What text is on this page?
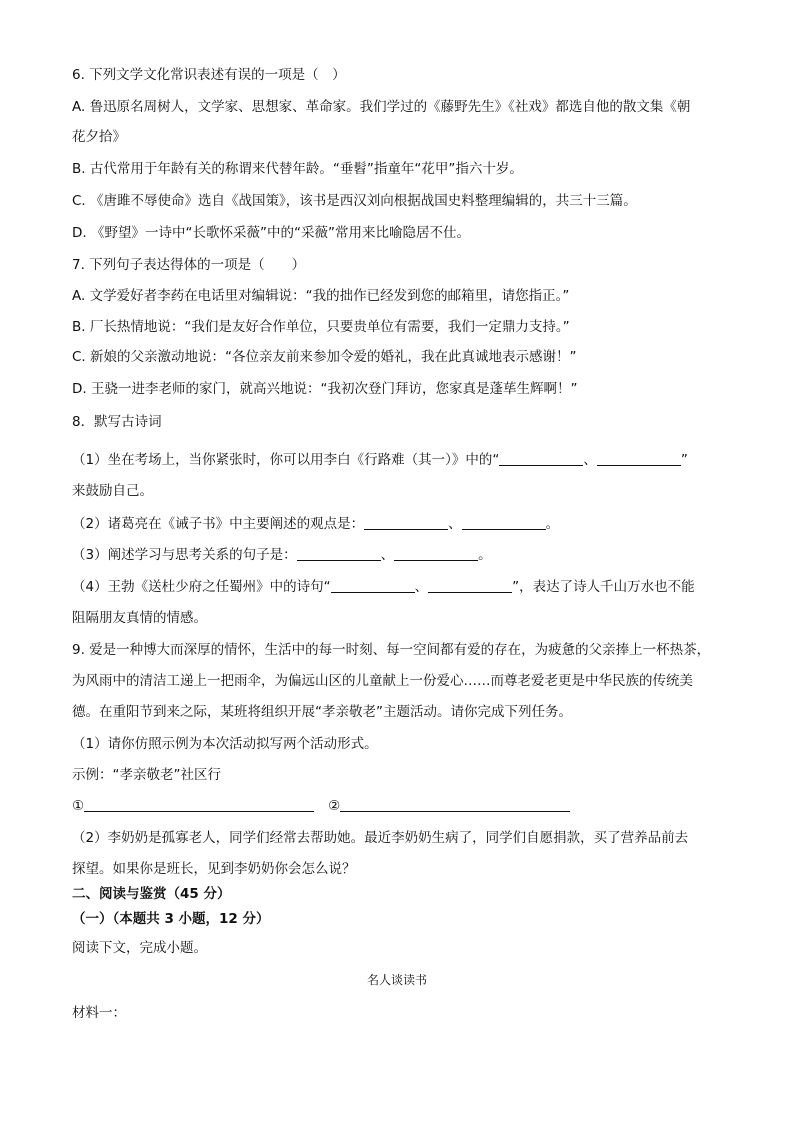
6. 下列文学文化常识表述有误的一项是（　）
A. 鲁迅原名周树人，文学家、思想家、革命家。我们学过的《藤野先生》《社戏》都选自他的散文集《朝
花夕拾》
B. 古代常用于年龄有关的称谓来代替年龄。“垂髫”指童年“花甲”指六十岁。
C. 《唐雎不辱使命》选自《战国策》，该书是西汉刘向根据战国史料整理编辑的，共三十三篇。
D. 《野望》一诗中“长歌怀采薇”中的“采薇”常用来比喻隐居不仕。
7. 下列句子表达得体的一项是（　　）
A. 文学爱好者李药在电话里对编辑说：“我的拙作已经发到您的邮箱里，请您指正。”
B. 厂长热情地说：“我们是友好合作单位，只要贵单位有需要，我们一定鼎力支持。”
C. 新娘的父亲激动地说：“各位亲友前来参加令爱的婚礼，我在此真诚地表示感谢！”
D. 王骁一进李老师的家门，就高兴地说：“我初次登门拜访，您家真是蓬荜生辉啊！”
8．默写古诗词
（1）坐在考场上，当你紧张时，你可以用李白《行路难（其一）》中的“	、	”
来鼓励自己。
（2）诸葛亮在《诫子书》中主要阐述的观点是：	、	。
（3）阐述学习与思考关系的句子是：	、	。
（4）王勃《送杜少府之任蜀州》中的诗句“	、	”，表达了诗人千山万水也不能
阻隔朋友真情的情感。
9. 爱是一种博大而深厚的情怀，生活中的每一时刻、每一空间都有爱的存在，为疲惫的父亲捧上一杯热茶，
为风雨中的清洁工递上一把雨伞，为偏远山区的儿童献上一份爱心……而尊老爱老更是中华民族的传统美
德。在重阳节到来之际，某班将组织开展“孝亲敬老”主题活动。请你完成下列任务。
（1）请你仿照示例为本次活动拟写两个活动形式。
示例：“孝亲敬老”社区行
①	②
（2）李奶奶是孤寡老人，同学们经常去帮助她。最近李奶奶生病了，同学们自愿捐款，买了营养品前去
探望。如果你是班长，见到李奶奶你会怎么说？
二、阅读与鉴赏（45 分）
（一）（本题共 3 小题，12 分）
阅读下文，完成小题。
名人谈读书
材料一：
